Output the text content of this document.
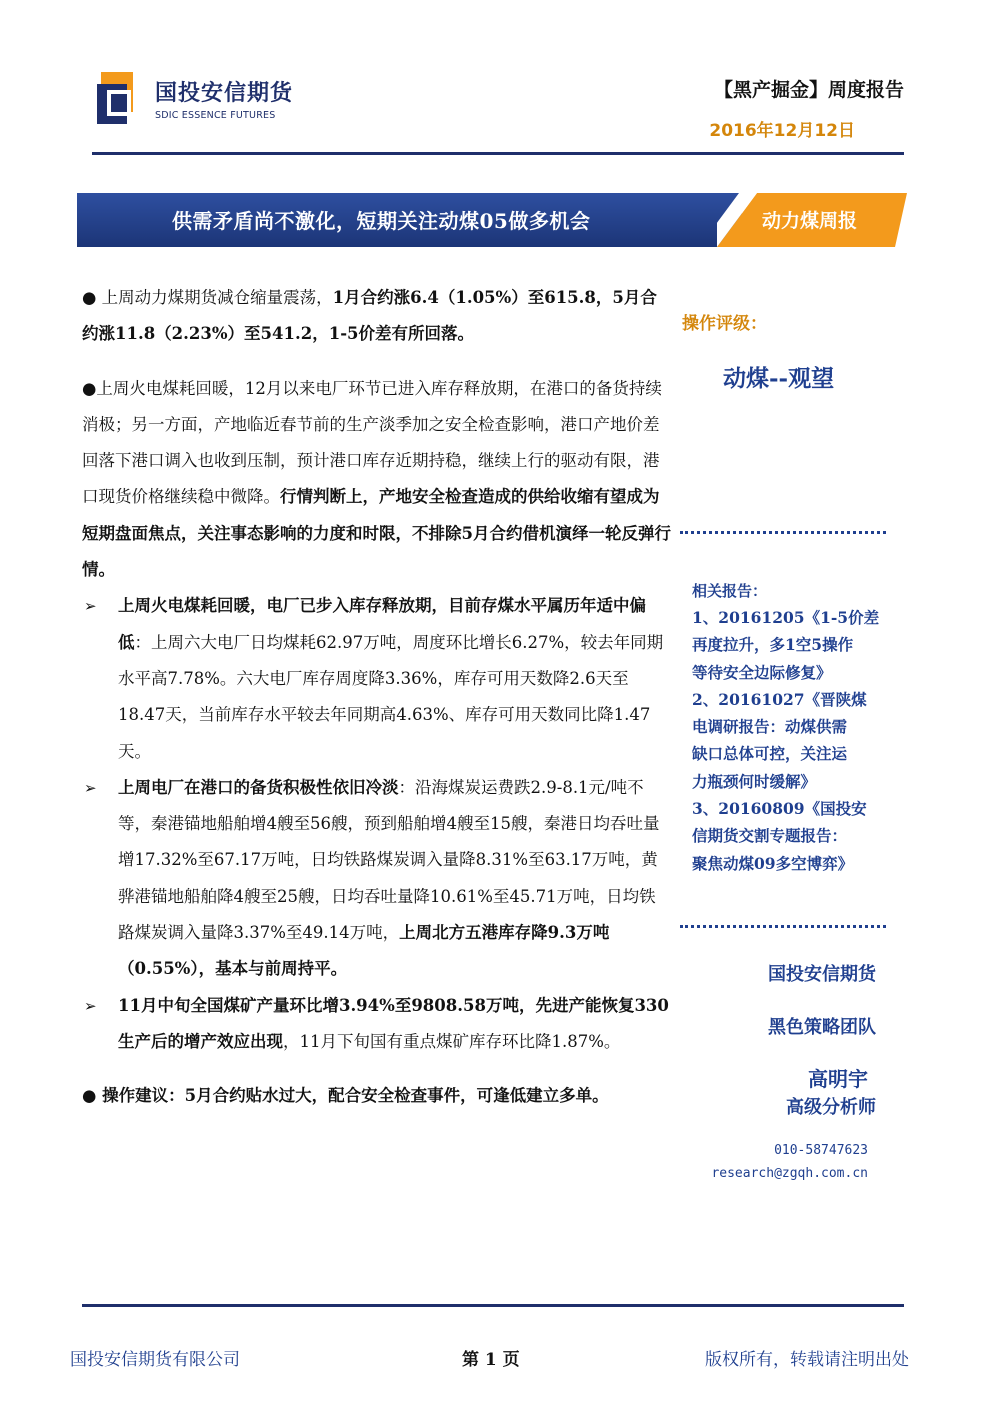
国投安信期货
SDIC ESSENCE FUTURES
【黑产掘金】周度报告
2016年12月12日
供需矛盾尚不激化，短期关注动煤05做多机会	动力煤周报

● 上周动力煤期货减仓缩量震荡，1月合约涨6.4（1.05%）至615.8，5月合约涨11.8（2.23%）至541.2，1-5价差有所回落。

●上周火电煤耗回暖，12月以来电厂环节已进入库存释放期，在港口的备货持续消极；另一方面，产地临近春节前的生产淡季加之安全检查影响，港口产地价差回落下港口调入也收到压制，预计港口库存近期持稳，继续上行的驱动有限，港口现货价格继续稳中微降。行情判断上，产地安全检查造成的供给收缩有望成为短期盘面焦点，关注事态影响的力度和时限，不排除5月合约借机演绎一轮反弹行情。

➢ 上周火电煤耗回暖，电厂已步入库存释放期，目前存煤水平属历年适中偏低：上周六大电厂日均煤耗62.97万吨，周度环比增长6.27%，较去年同期水平高7.78%。六大电厂库存周度降3.36%，库存可用天数降2.6天至18.47天，当前库存水平较去年同期高4.63%、库存可用天数同比降1.47天。

➢ 上周电厂在港口的备货积极性依旧冷淡：沿海煤炭运费跌2.9-8.1元/吨不等，秦港锚地船舶增4艘至56艘，预到船舶增4艘至15艘，秦港日均吞吐量增17.32%至67.17万吨，日均铁路煤炭调入量降8.31%至63.17万吨，黄骅港锚地船舶降4艘至25艘，日均吞吐量降10.61%至45.71万吨，日均铁路煤炭调入量降3.37%至49.14万吨，上周北方五港库存降9.3万吨（0.55%），基本与前周持平。

➢ 11月中旬全国煤矿产量环比增3.94%至9808.58万吨，先进产能恢复330生产后的增产效应出现，11月下旬国有重点煤矿库存环比降1.87%。

● 操作建议：5月合约贴水过大，配合安全检查事件，可逢低建立多单。

操作评级：
动煤--观望
相关报告：
1、20161205《1-5价差
再度拉升，多1空5操作
等待安全边际修复》
2、20161027《晋陕煤
电调研报告：动煤供需
缺口总体可控，关注运
力瓶颈何时缓解》
3、20160809《国投安
信期货交割专题报告：
聚焦动煤09多空博弈》
国投安信期货
黑色策略团队
高明宇
高级分析师
010-58747623
research@zgqh.com.cn
国投安信期货有限公司	第 1 页	版权所有，转载请注明出处
